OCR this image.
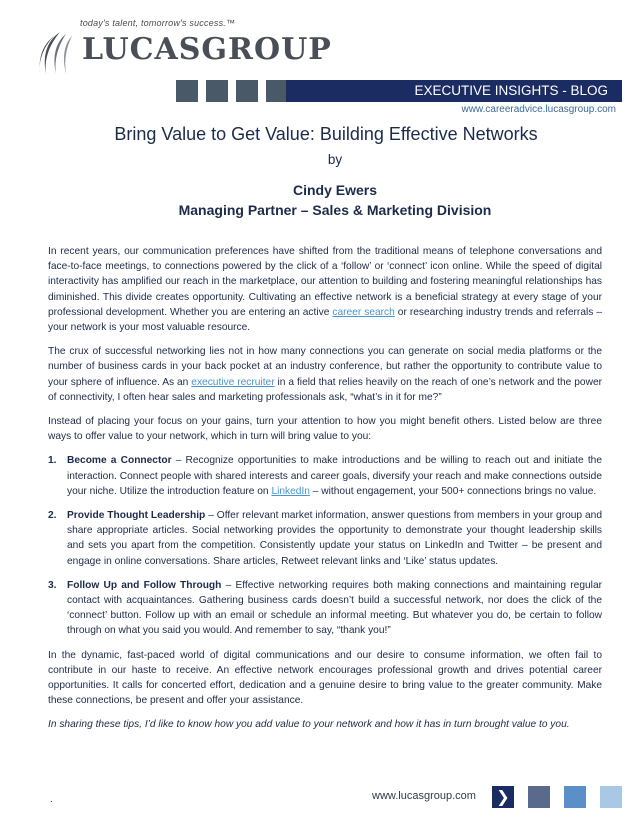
today's talent, tomorrow's success.™
LUCASGROUP
EXECUTIVE INSIGHTS - BLOG
www.careeradvice.lucasgroup.com
Bring Value to Get Value: Building Effective Networks
by
Cindy Ewers
Managing Partner – Sales & Marketing Division

In recent years, our communication preferences have shifted from the traditional means of telephone conversations and face-to-face meetings, to connections powered by the click of a ‘follow’ or ‘connect’ icon online. While the speed of digital interactivity has amplified our reach in the marketplace, our attention to building and fostering meaningful relationships has diminished. This divide creates opportunity. Cultivating an effective network is a beneficial strategy at every stage of your professional development. Whether you are entering an active career search or researching industry trends and referrals – your network is your most valuable resource.

The crux of successful networking lies not in how many connections you can generate on social media platforms or the number of business cards in your back pocket at an industry conference, but rather the opportunity to contribute value to your sphere of influence. As an executive recruiter in a field that relies heavily on the reach of one’s network and the power of connectivity, I often hear sales and marketing professionals ask, “what’s in it for me?”

Instead of placing your focus on your gains, turn your attention to how you might benefit others. Listed below are three ways to offer value to your network, which in turn will bring value to you:

1. Become a Connector – Recognize opportunities to make introductions and be willing to reach out and initiate the interaction. Connect people with shared interests and career goals, diversify your reach and make connections outside your niche. Utilize the introduction feature on LinkedIn – without engagement, your 500+ connections brings no value.
2. Provide Thought Leadership – Offer relevant market information, answer questions from members in your group and share appropriate articles. Social networking provides the opportunity to demonstrate your thought leadership skills and sets you apart from the competition. Consistently update your status on LinkedIn and Twitter – be present and engage in online conversations. Share articles, Retweet relevant links and ‘Like’ status updates.
3. Follow Up and Follow Through – Effective networking requires both making connections and maintaining regular contact with acquaintances. Gathering business cards doesn’t build a successful network, nor does the click of the ‘connect’ button. Follow up with an email or schedule an informal meeting. But whatever you do, be certain to follow through on what you said you would. And remember to say, “thank you!”

In the dynamic, fast-paced world of digital communications and our desire to consume information, we often fail to contribute in our haste to receive. An effective network encourages professional growth and drives potential career opportunities. It calls for concerted effort, dedication and a genuine desire to bring value to the greater community. Make these connections, be present and offer your assistance.

In sharing these tips, I’d like to know how you add value to your network and how it has in turn brought value to you.

.	www.lucasgroup.com ❯
